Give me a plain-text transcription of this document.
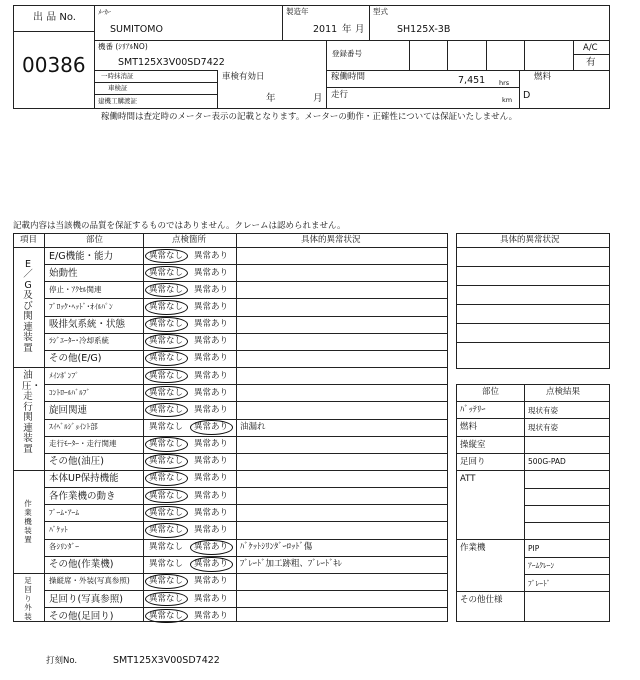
出 品 No.
00386
ﾒｰｶｰ
SUMITOMO
製造年
2011 年 月
型式
SH125X-3B
機番 (ｼﾘｱﾙNO)
SMT125X3V00SD7422
登録番号
A/C
有
一時抹消証
車検証
建機工購渡証
車検有効日
年	月
稼働時間	7,451 hrs
走行	km
燃料
D
稼働時間は査定時のメーター表示の記載となります。メーターの動作・正確性については保証いたしません。
記載内容は当該機の品質を保証するものではありません。クレームは認められません。
項目	部位	点検箇所	具体的異常状況
E／G及び関連装置
E/G機能・能力	異常なし 異常あり
始動性	異常なし 異常あり
停止・ｱｸｾﾙ関連	異常なし 異常あり
ﾌﾞﾛｯｸ･ﾍｯﾄﾞ･ｵｲﾙﾊﾟﾝ	異常なし 異常あり
吸排気系統・状態	異常なし 異常あり
ﾗｼﾞｴｰﾀｰ･冷却系統	異常なし 異常あり
その他(E/G)	異常なし 異常あり
油圧・走行関連装置
ﾒｲﾝﾎﾟﾝﾌﾟ	異常なし 異常あり
ｺﾝﾄﾛｰﾙﾊﾞﾙﾌﾞ	異常なし 異常あり
旋回関連	異常なし 異常あり
ｽｲﾍﾞﾙｼﾞｮｲﾝﾄ部	異常なし 異常あり 油漏れ
走行ﾓｰﾀｰ・走行関連	異常なし 異常あり
その他(油圧)	異常なし 異常あり
作業機装置
本体UP保持機能	異常なし 異常あり
各作業機の動き	異常なし 異常あり
ﾌﾞｰﾑ･ｱｰﾑ	異常なし 異常あり
ﾊﾞｹｯﾄ	異常なし 異常あり
各ｼﾘﾝﾀﾞｰ	異常なし 異常あり ﾊﾞｹｯﾄｼﾘﾝﾀﾞｰﾛｯﾄﾞ傷
その他(作業機)	異常なし 異常あり ﾌﾞﾚｰﾄﾞ加工跡粗、ﾌﾞﾚｰﾄﾞｷﾚ
足回り外装
操縦席・外装(写真参照) 異常なし 異常あり
足回り(写真参照)	異常なし 異常あり
その他(足回り)	異常なし 異常あり
具体的異常状況
部位	点検結果
ﾊﾞｯﾃﾘｰ	現状有姿
燃料	現状有姿
操縦室
足回り	500G-PAD
ATT
作業機	PIP
ｱｰﾑｸﾚｰﾝ
ﾌﾞﾚｰﾄﾞ
その他仕様
打刻No.	SMT125X3V00SD7422
